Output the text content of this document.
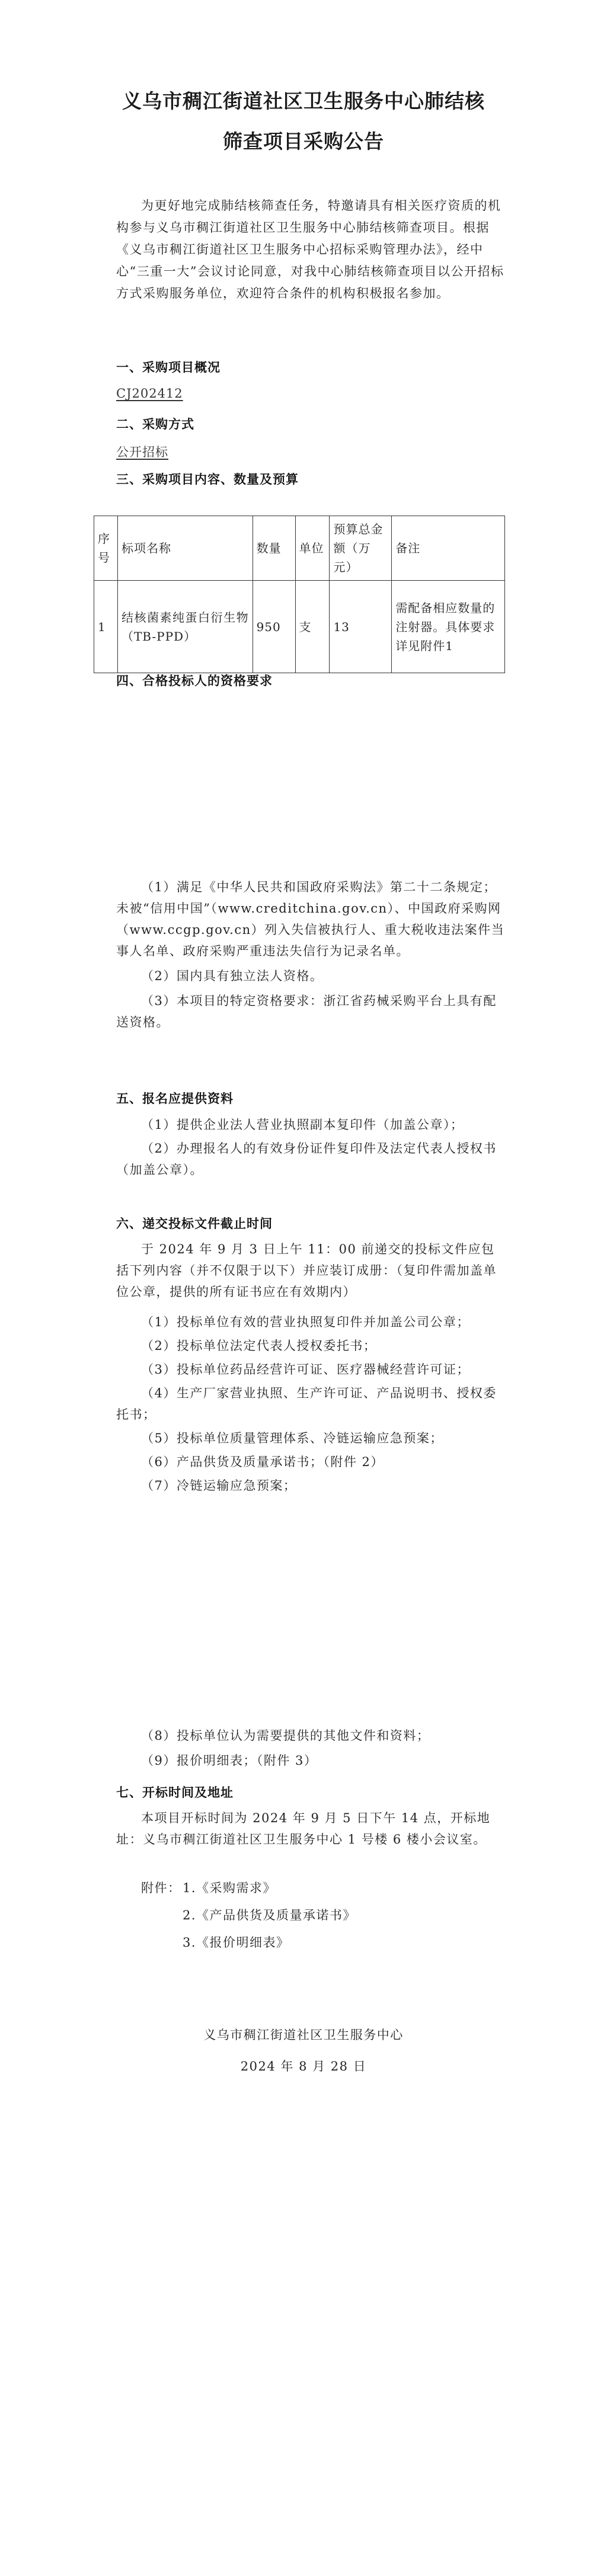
义乌市稠江街道社区卫生服务中心肺结核
筛查项目采购公告
为更好地完成肺结核筛查任务，特邀请具有相关医疗资质的机构参与义乌市稠江街道社区卫生服务中心肺结核筛查项目。根据《义乌市稠江街道社区卫生服务中心招标采购管理办法》，经中心“三重一大”会议讨论同意，对我中心肺结核筛查项目以公开招标方式采购服务单位，欢迎符合条件的机构积极报名参加。
一、采购项目概况
CJ202412
二、采购方式
公开招标
三、采购项目内容、数量及预算
序号	标项名称	数量	单位	预算总金额（万元）	备注
1	结核菌素纯蛋白衍生物（TB-PPD）	950	支	13	需配备相应数量的注射器。具体要求详见附件1
四、合格投标人的资格要求
（1）满足《中华人民共和国政府采购法》第二十二条规定；未被“信用中国”（www.creditchina.gov.cn）、中国政府采购网（www.ccgp.gov.cn）列入失信被执行人、重大税收违法案件当事人名单、政府采购严重违法失信行为记录名单。
（2）国内具有独立法人资格。
（3）本项目的特定资格要求：浙江省药械采购平台上具有配送资格。
五、报名应提供资料
（1）提供企业法人营业执照副本复印件（加盖公章）；
（2）办理报名人的有效身份证件复印件及法定代表人授权书（加盖公章）。
六、递交投标文件截止时间
于 2024 年 9 月 3 日上午 11：00 前递交的投标文件应包括下列内容（并不仅限于以下）并应装订成册：（复印件需加盖单位公章，提供的所有证书应在有效期内）
（1）投标单位有效的营业执照复印件并加盖公司公章；
（2）投标单位法定代表人授权委托书；
（3）投标单位药品经营许可证、医疗器械经营许可证；
（4）生产厂家营业执照、生产许可证、产品说明书、授权委托书；
（5）投标单位质量管理体系、冷链运输应急预案；
（6）产品供货及质量承诺书；（附件 2）
（7）冷链运输应急预案；
（8）投标单位认为需要提供的其他文件和资料；
（9）报价明细表；（附件 3）
七、开标时间及地址
本项目开标时间为 2024 年 9 月 5 日下午 14 点，开标地址：义乌市稠江街道社区卫生服务中心 1 号楼 6 楼小会议室。
附件： 1.《采购需求》
2.《产品供货及质量承诺书》
3.《报价明细表》
义乌市稠江街道社区卫生服务中心
2024 年 8 月 28 日
